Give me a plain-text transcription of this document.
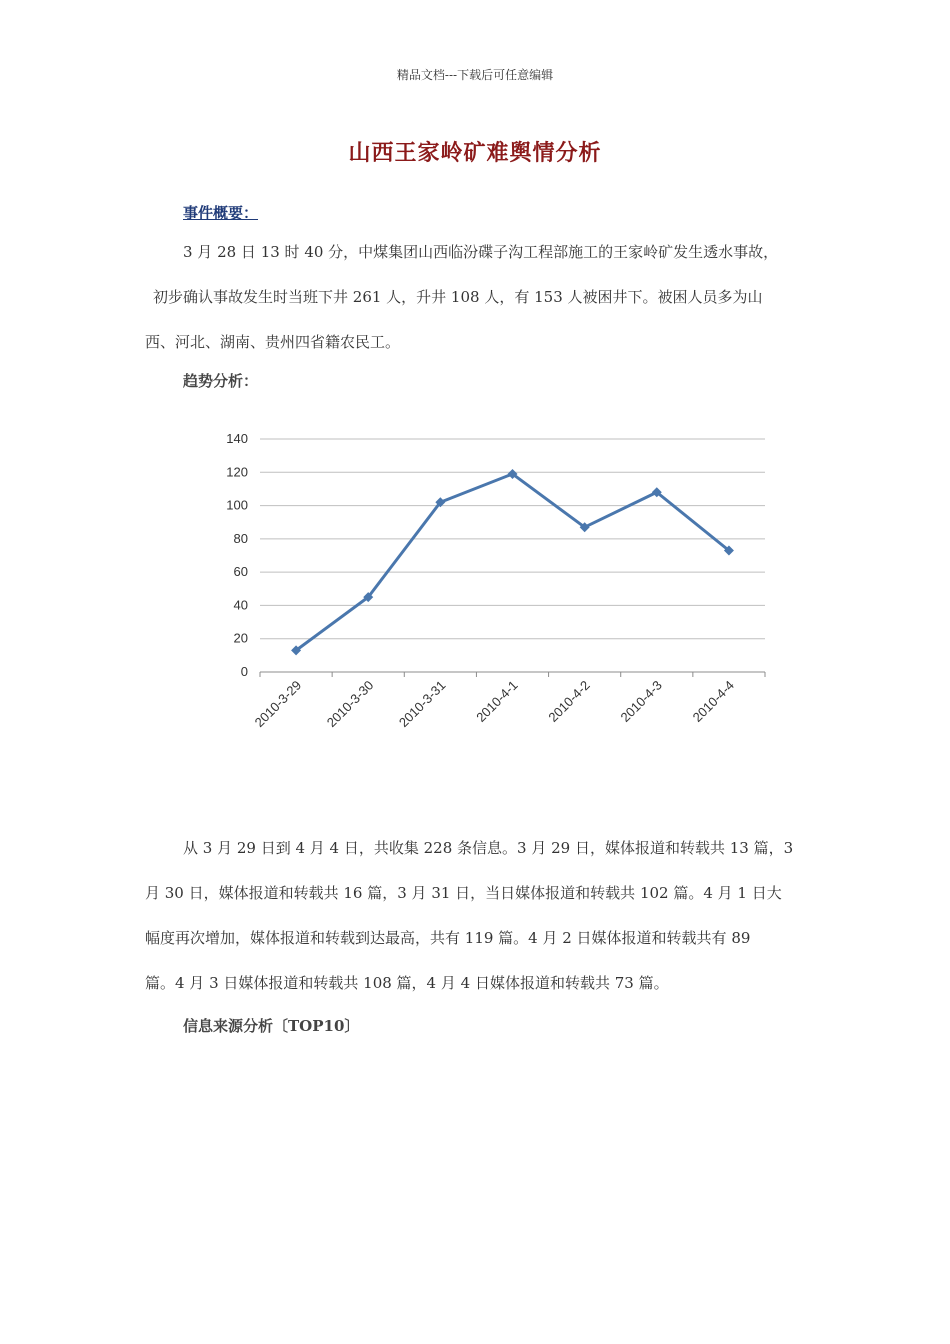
精品文档---下载后可任意编辑
山西王家岭矿难舆情分析
事件概要：

3 月 28 日 13 时 40 分，中煤集团山西临汾碟子沟工程部施工的王家岭矿发生透水事故，

初步确认事故发生时当班下井 261 人，升井 108 人，有 153 人被困井下。被困人员多为山

西、河北、湖南、贵州四省籍农民工。

趋势分析：
0
20
40
60
80
100
120
140
2010-3-29 2010-3-30 2010-3-31 2010-4-1 2010-4-2 2010-4-3 2010-4-4

从 3 月 29 日到 4 月 4 日，共收集 228 条信息。3 月 29 日，媒体报道和转载共 13 篇，3

月 30 日，媒体报道和转载共 16 篇，3 月 31 日，当日媒体报道和转载共 102 篇。4 月 1 日大

幅度再次增加，媒体报道和转载到达最高，共有 119 篇。4 月 2 日媒体报道和转载共有 89

篇。4 月 3 日媒体报道和转载共 108 篇，4 月 4 日媒体报道和转载共 73 篇。

信息来源分析〔TOP10〕
